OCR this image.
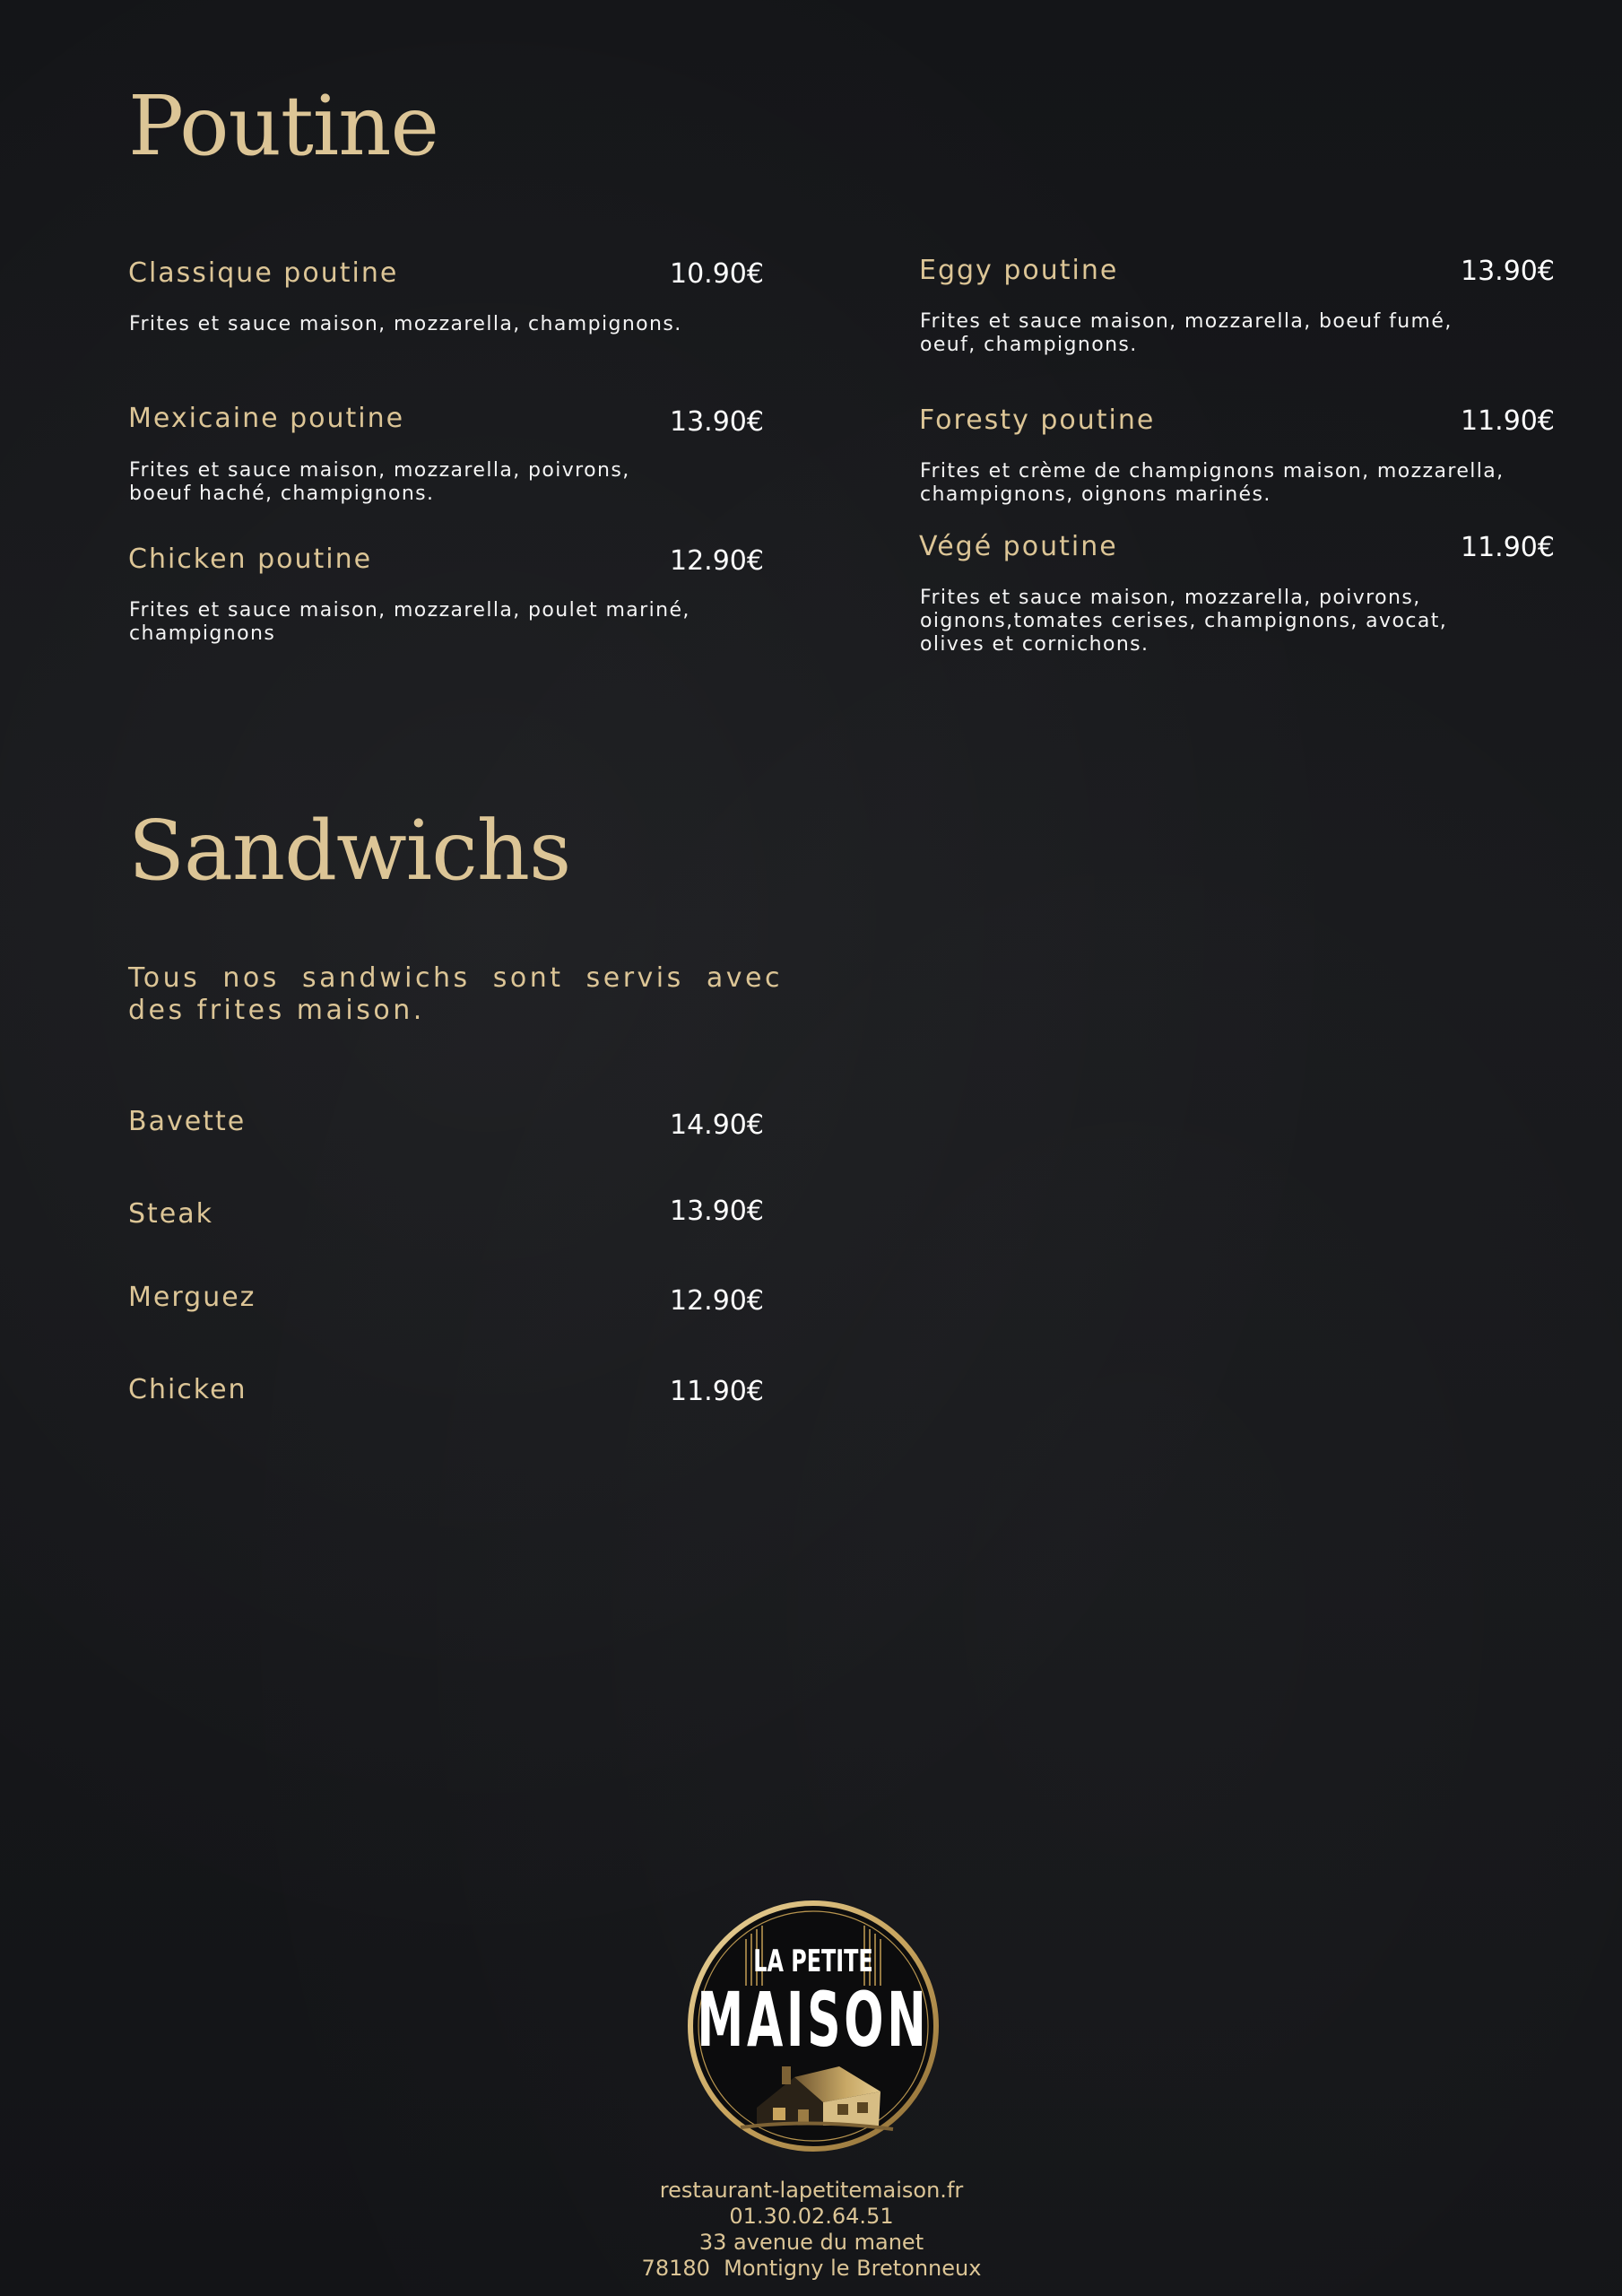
Poutine
Classique poutine	10.90€
Frites et sauce maison, mozzarella, champignons.
Mexicaine poutine	13.90€
Frites et sauce maison, mozzarella, poivrons,
boeuf haché, champignons.
Chicken poutine	12.90€
Frites et sauce maison, mozzarella, poulet mariné,
champignons
Eggy poutine	13.90€
Frites et sauce maison, mozzarella, boeuf fumé,
oeuf, champignons.
Foresty poutine	11.90€
Frites et crème de champignons maison, mozzarella,
champignons, oignons marinés.
Végé poutine	11.90€
Frites et sauce maison, mozzarella, poivrons,
oignons,tomates cerises, champignons, avocat,
olives et cornichons.
Sandwichs
Tous nos sandwichs sont servis avec des frites maison.
Bavette	14.90€
Steak	13.90€
Merguez	12.90€
Chicken	11.90€
LA PETITE
MAISON
restaurant-lapetitemaison.fr
01.30.02.64.51
33 avenue du manet
78180  Montigny le Bretonneux
